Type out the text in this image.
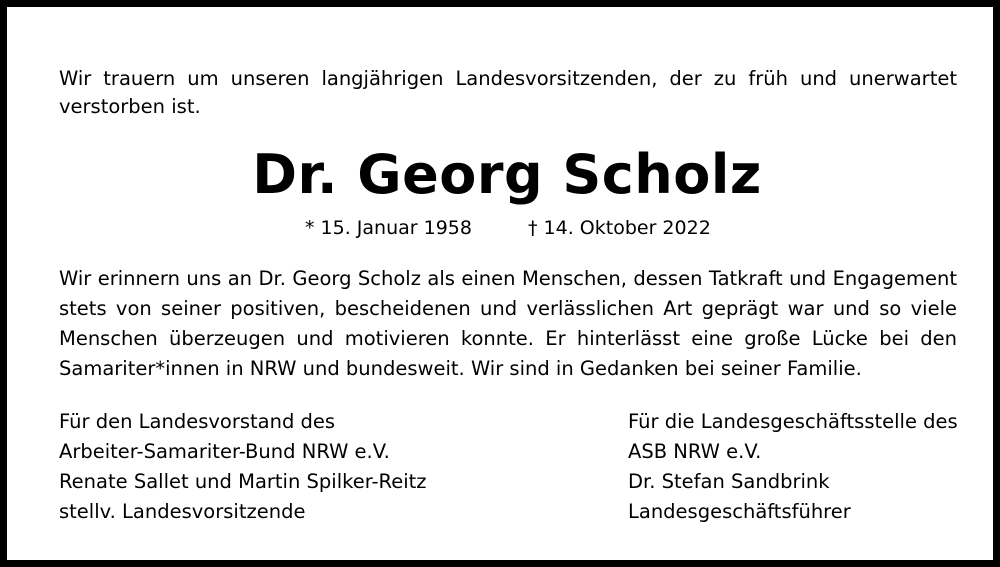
Wir trauern um unseren langjährigen Landesvorsitzenden, der zu früh und unerwartet verstorben ist.

Dr. Georg Scholz
* 15. Januar 1958	† 14. Oktober 2022

Wir erinnern uns an Dr. Georg Scholz als einen Menschen, dessen Tatkraft und Engagement stets von seiner positiven, bescheidenen und verlässlichen Art geprägt war und so viele Menschen überzeugen und motivieren konnte. Er hinterlässt eine große Lücke bei den Samariter*innen in NRW und bundesweit. Wir sind in Gedanken bei seiner Familie.

Für den Landesvorstand des
Arbeiter-Samariter-Bund NRW e.V.
Renate Sallet und Martin Spilker-Reitz
stellv. Landesvorsitzende
Für die Landesgeschäftsstelle des
ASB NRW e.V.
Dr. Stefan Sandbrink
Landesgeschäftsführer
